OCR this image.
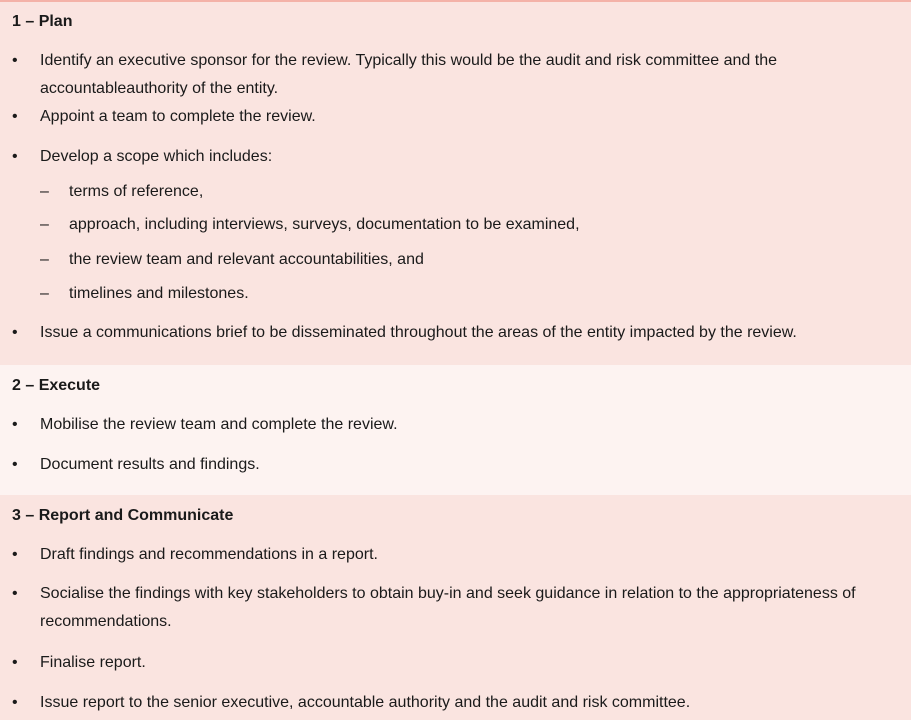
1 – Plan
• Identify an executive sponsor for the review. Typically this would be the audit and risk committee and the accountableauthority of the entity.
• Appoint a team to complete the review.
• Develop a scope which includes:
– terms of reference,
– approach, including interviews, surveys, documentation to be examined,
– the review team and relevant accountabilities, and
– timelines and milestones.
• Issue a communications brief to be disseminated throughout the areas of the entity impacted by the review.
2 – Execute
• Mobilise the review team and complete the review.
• Document results and findings.
3 – Report and Communicate
• Draft findings and recommendations in a report.
• Socialise the findings with key stakeholders to obtain buy-in and seek guidance in relation to the appropriateness of recommendations.
• Finalise report.
• Issue report to the senior executive, accountable authority and the audit and risk committee.
